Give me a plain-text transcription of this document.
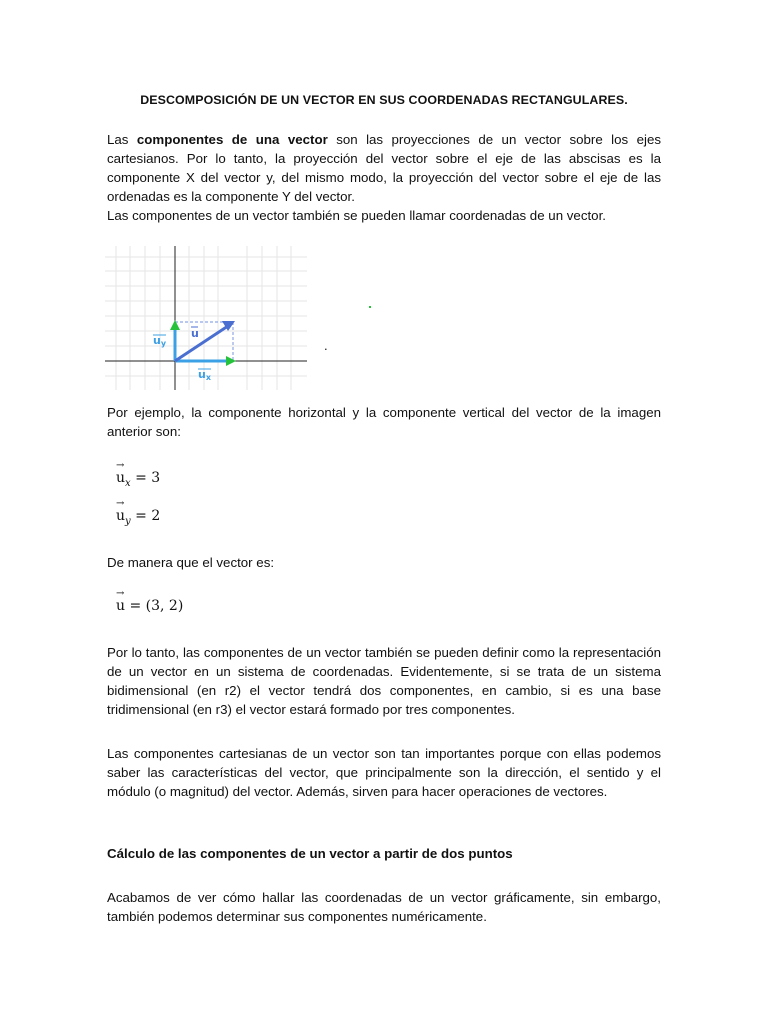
DESCOMPOSICIÓN DE UN VECTOR EN SUS COORDENADAS RECTANGULARES.
Las componentes de una vector son las proyecciones de un vector sobre los ejes cartesianos. Por lo tanto, la proyección del vector sobre el eje de las abscisas es la componente X del vector y, del mismo modo, la proyección del vector sobre el eje de las ordenadas es la componente Y del vector.
Las componentes de un vector también se pueden llamar coordenadas de un vector.
u
uy
ux
.
Por ejemplo, la componente horizontal y la componente vertical del vector de la imagen anterior son:
→ $u_x = 3$
→ $u_y = 2$
De manera que el vector es:
→ u = (3, 2)
Por lo tanto, las componentes de un vector también se pueden definir como la representación de un vector en un sistema de coordenadas. Evidentemente, si se trata de un sistema bidimensional (en r2) el vector tendrá dos componentes, en cambio, si es una base tridimensional (en r3) el vector estará formado por tres componentes.
Las componentes cartesianas de un vector son tan importantes porque con ellas podemos saber las características del vector, que principalmente son la dirección, el sentido y el módulo (o magnitud) del vector. Además, sirven para hacer operaciones de vectores.
Cálculo de las componentes de un vector a partir de dos puntos
Acabamos de ver cómo hallar las coordenadas de un vector gráficamente, sin embargo, también podemos determinar sus componentes numéricamente.
